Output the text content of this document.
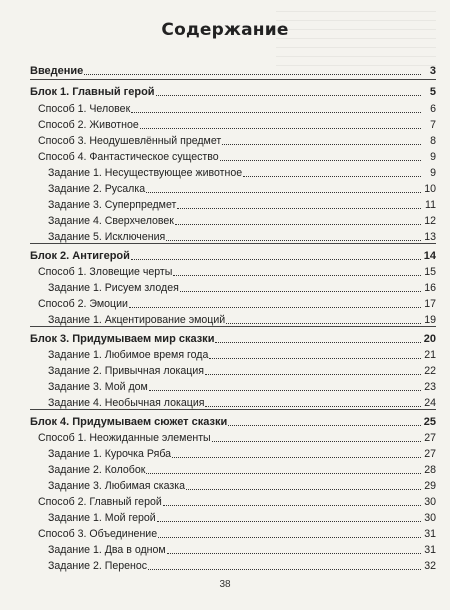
Содержание
Введение	3
Блок 1. Главный герой	5
Способ 1. Человек	6
Способ 2. Животное	7
Способ 3. Неодушевлённый предмет	8
Способ 4. Фантастическое существо	9
Задание 1. Несуществующее животное	9
Задание 2. Русалка	10
Задание 3. Суперпредмет	11
Задание 4. Сверхчеловек	12
Задание 5. Исключения	13
Блок 2. Антигерой	14
Способ 1. Зловещие черты	15
Задание 1. Рисуем злодея	16
Способ 2. Эмоции	17
Задание 1. Акцентирование эмоций	19
Блок 3. Придумываем мир сказки	20
Задание 1. Любимое время года	21
Задание 2. Привычная локация	22
Задание 3. Мой дом	23
Задание 4. Необычная локация	24
Блок 4. Придумываем сюжет сказки	25
Способ 1. Неожиданные элементы	27
Задание 1. Курочка Ряба	27
Задание 2. Колобок	28
Задание 3. Любимая сказка	29
Способ 2. Главный герой	30
Задание 1. Мой герой	30
Способ 3. Объединение	31
Задание 1. Два в одном	31
Задание 2. Перенос	32
38
